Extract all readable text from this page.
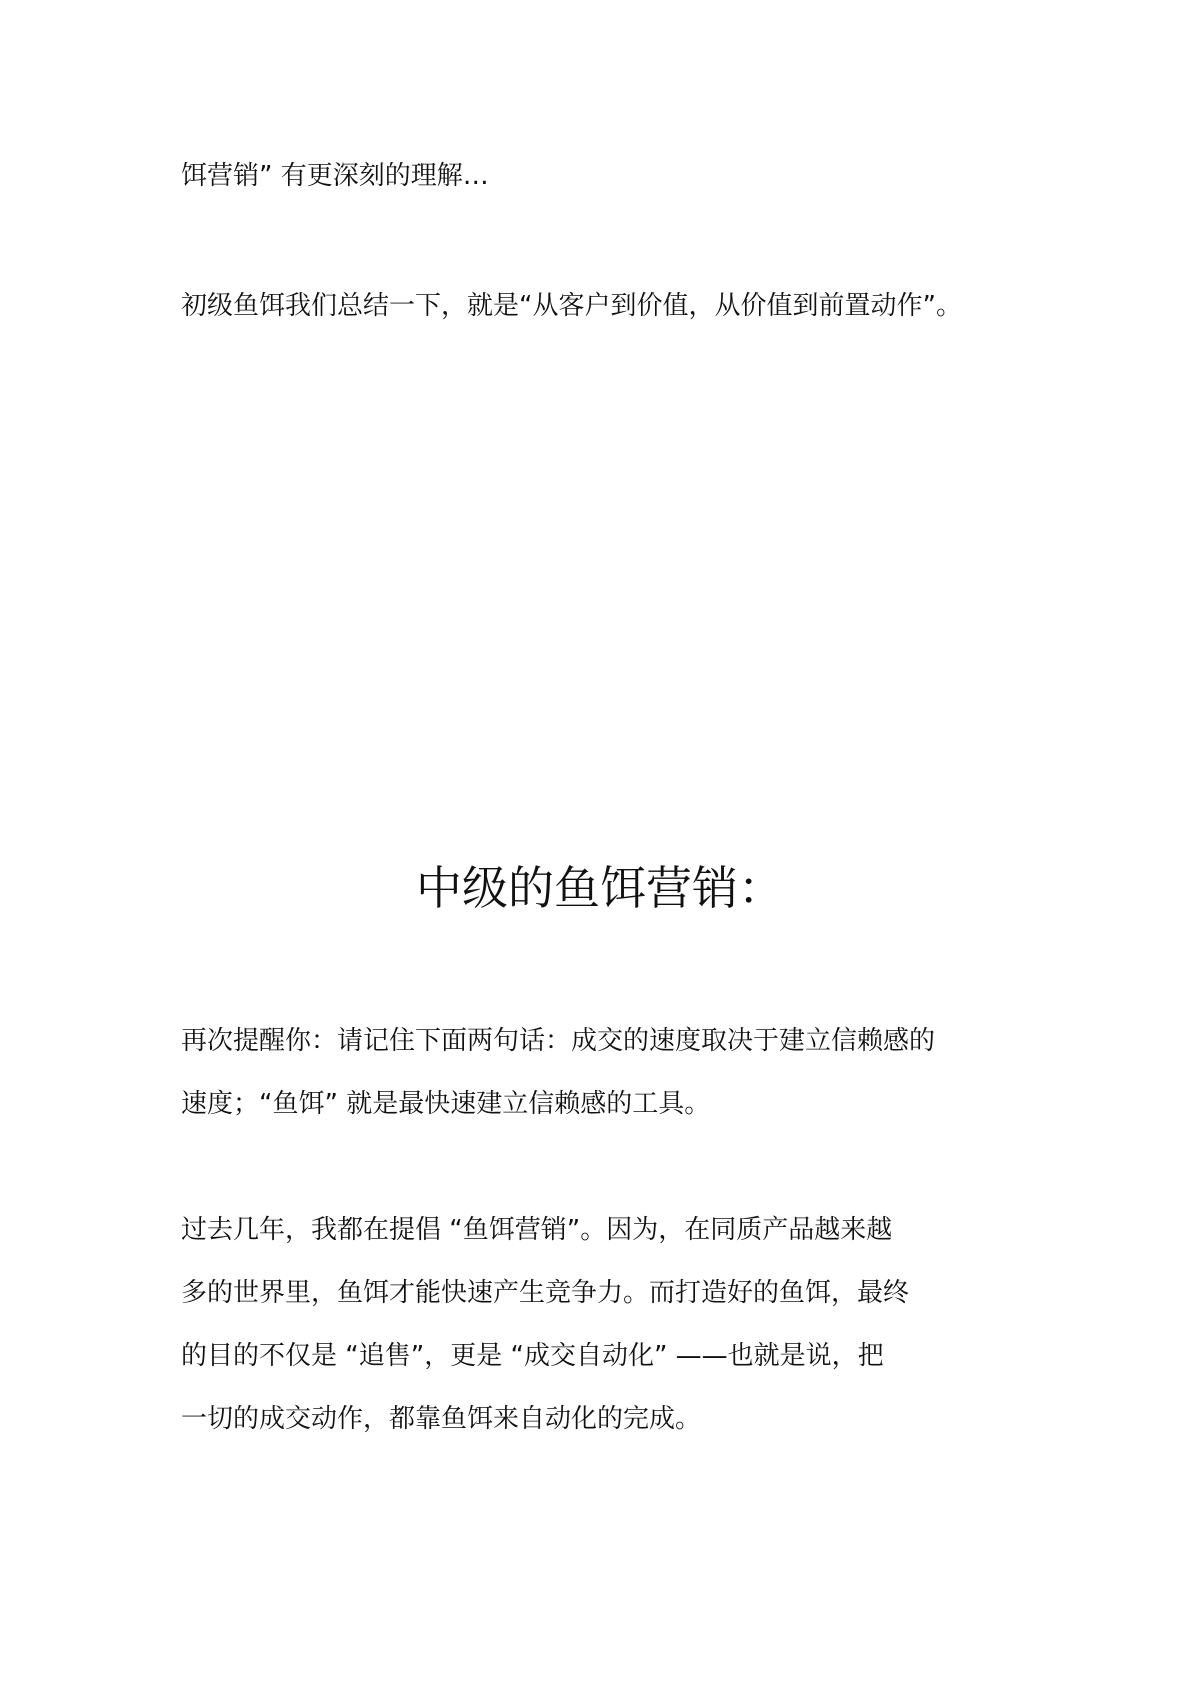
饵营销” 有更深刻的理解…

初级鱼饵我们总结一下，就是“从客户到价值，从价值到前置动作”。

中级的鱼饵营销：

再次提醒你：请记住下面两句话：成交的速度取决于建立信赖感的
速度；“鱼饵” 就是最快速建立信赖感的工具。

过去几年，我都在提倡 “鱼饵营销”。因为，在同质产品越来越
多的世界里，鱼饵才能快速产生竞争力。而打造好的鱼饵，最终
的目的不仅是 “追售”，更是 “成交自动化” ——也就是说，把
一切的成交动作，都靠鱼饵来自动化的完成。
